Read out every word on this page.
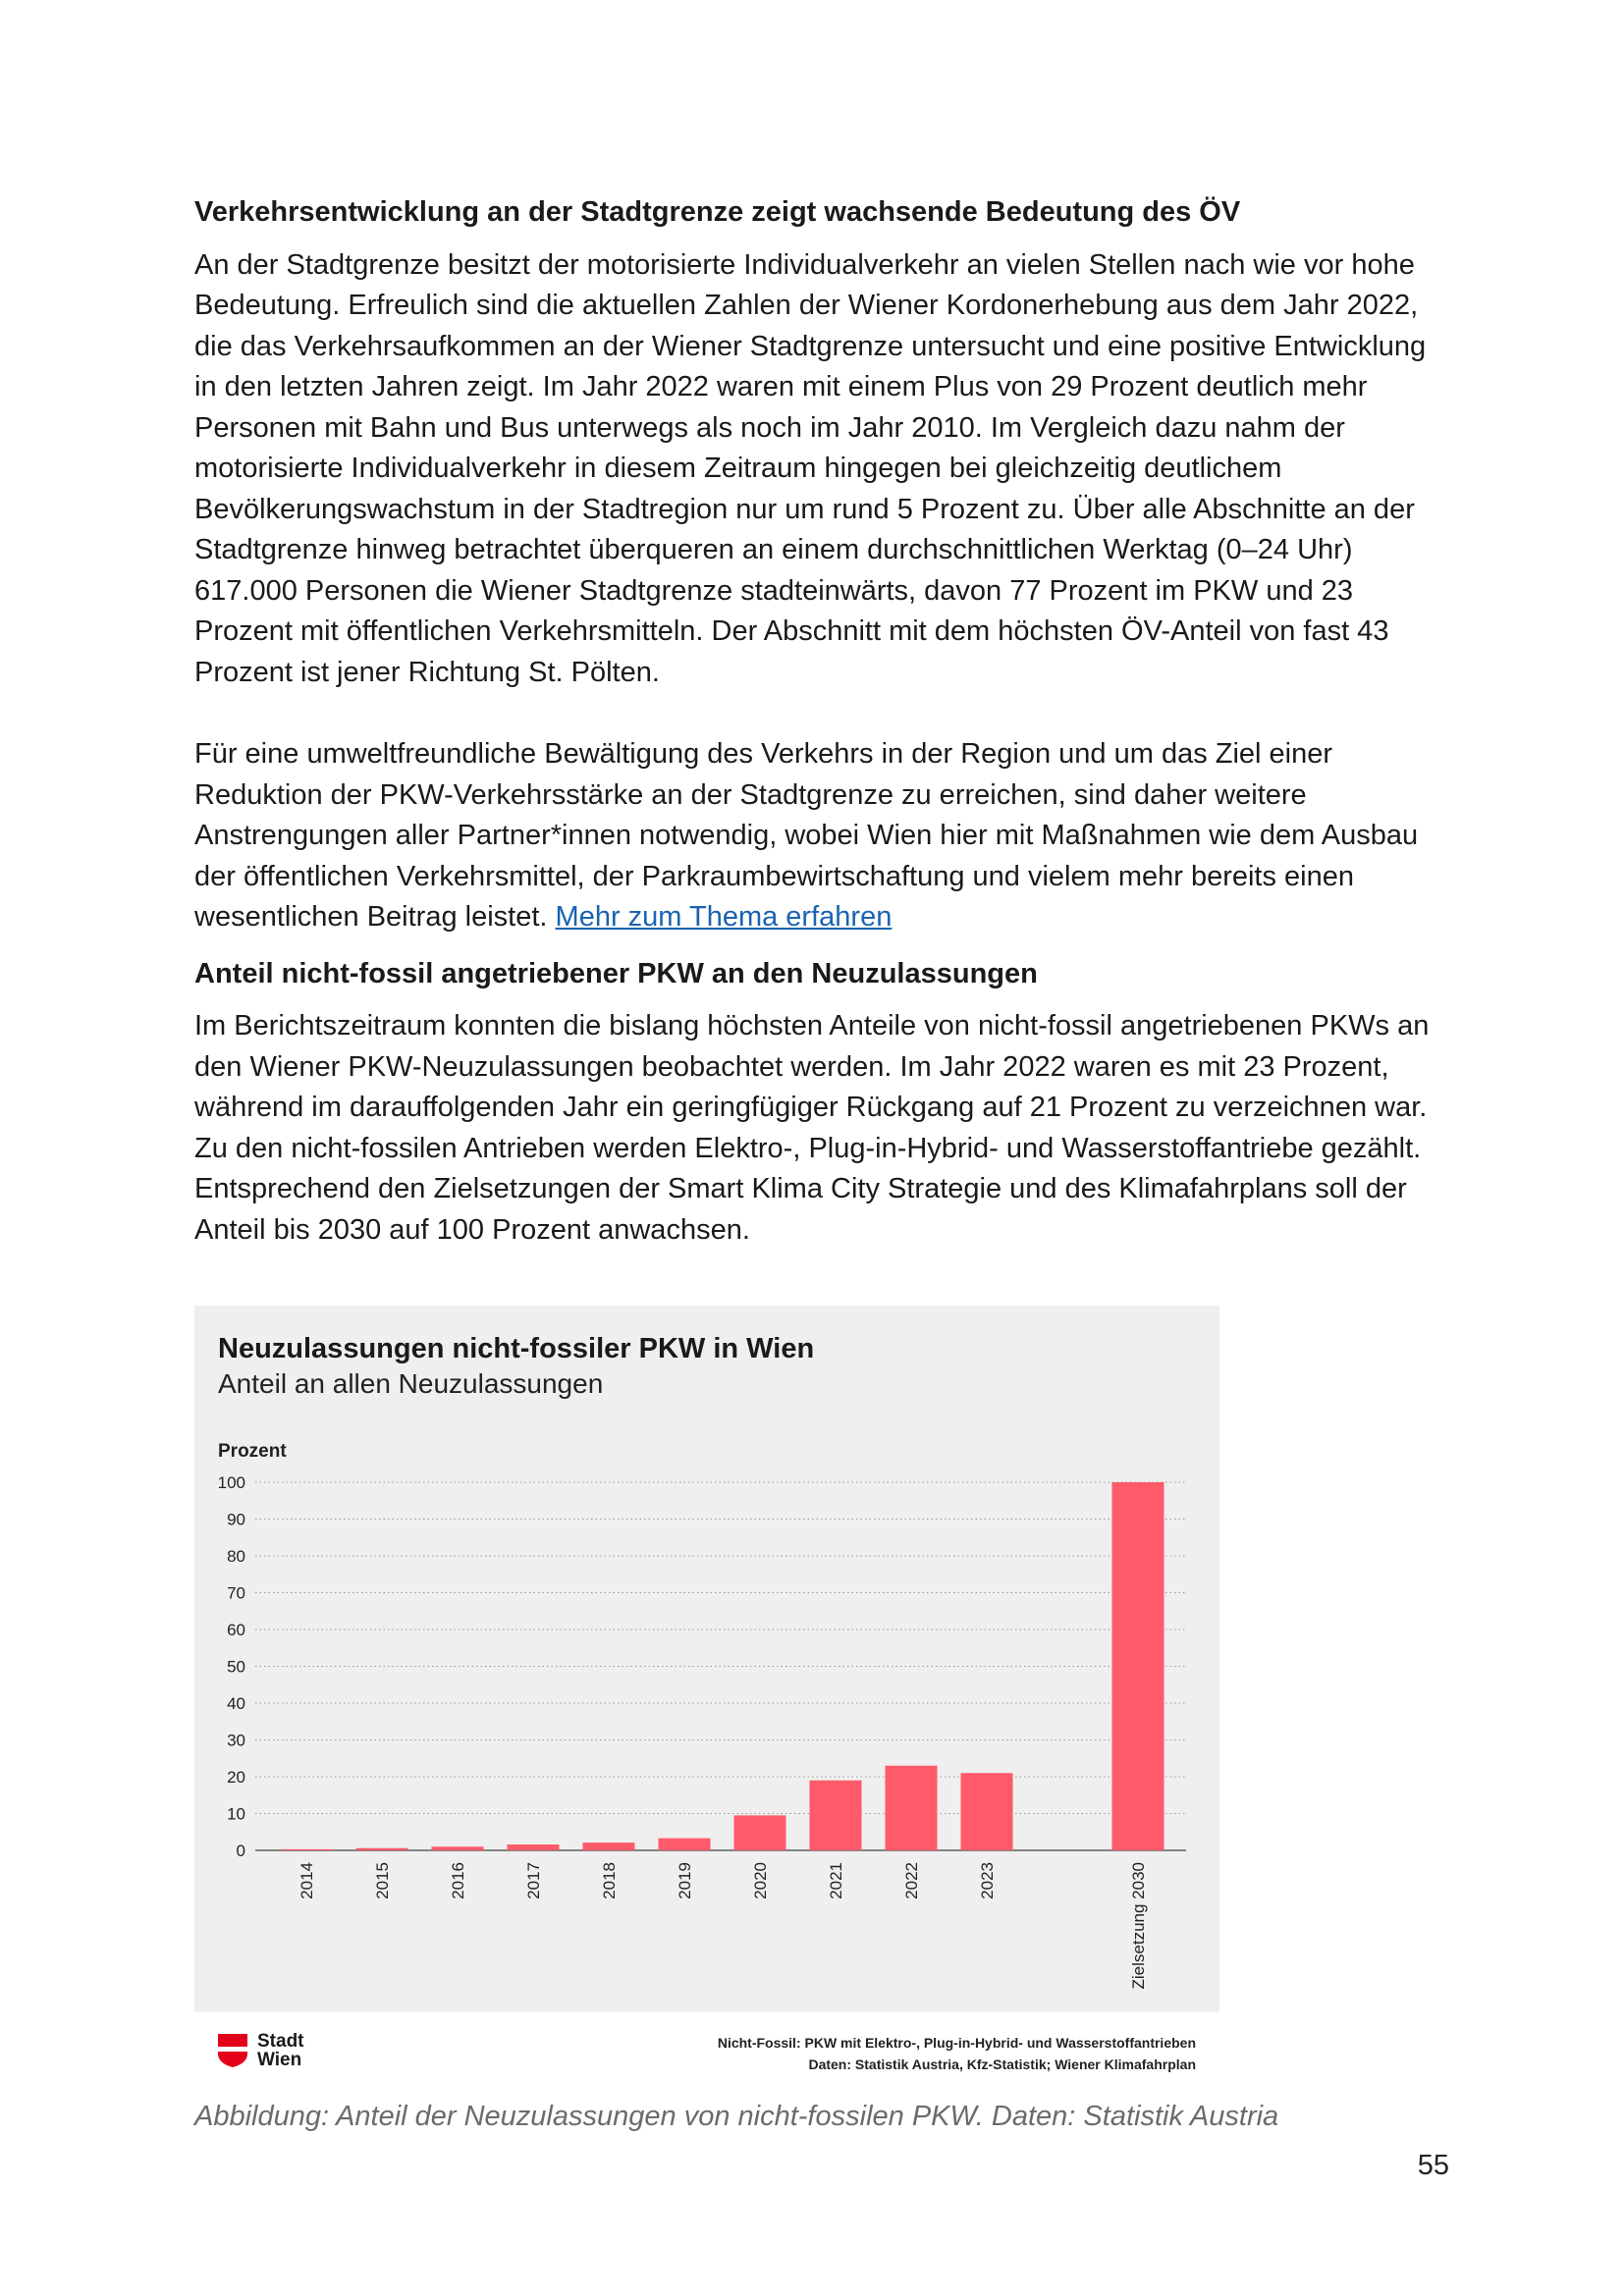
Verkehrsentwicklung an der Stadtgrenze zeigt wachsende Bedeutung des ÖV

An der Stadtgrenze besitzt der motorisierte Individualverkehr an vielen Stellen nach wie vor hohe Bedeutung. Erfreulich sind die aktuellen Zahlen der Wiener Kordonerhebung aus dem Jahr 2022, die das Verkehrsaufkommen an der Wiener Stadtgrenze untersucht und eine positive Entwicklung in den letzten Jahren zeigt. Im Jahr 2022 waren mit einem Plus von 29 Prozent deutlich mehr Personen mit Bahn und Bus unterwegs als noch im Jahr 2010. Im Vergleich dazu nahm der motorisierte Individualverkehr in diesem Zeitraum hingegen bei gleichzeitig deutlichem Bevölkerungswachstum in der Stadtregion nur um rund 5 Prozent zu. Über alle Abschnitte an der Stadtgrenze hinweg betrachtet überqueren an einem durchschnittlichen Werktag (0–24 Uhr) 617.000 Personen die Wiener Stadtgrenze stadteinwärts, davon 77 Prozent im PKW und 23 Prozent mit öffentlichen Verkehrsmitteln. Der Abschnitt mit dem höchsten ÖV-Anteil von fast 43 Prozent ist jener Richtung St. Pölten.

Für eine umweltfreundliche Bewältigung des Verkehrs in der Region und um das Ziel einer Reduktion der PKW-Verkehrsstärke an der Stadtgrenze zu erreichen, sind daher weitere Anstrengungen aller Partner*innen notwendig, wobei Wien hier mit Maßnahmen wie dem Ausbau der öffentlichen Verkehrsmittel, der Parkraumbewirtschaftung und vielem mehr bereits einen wesentlichen Beitrag leistet. Mehr zum Thema erfahren

Anteil nicht-fossil angetriebener PKW an den Neuzulassungen

Im Berichtszeitraum konnten die bislang höchsten Anteile von nicht-fossil angetriebenen PKWs an den Wiener PKW-Neuzulassungen beobachtet werden. Im Jahr 2022 waren es mit 23 Prozent, während im darauffolgenden Jahr ein geringfügiger Rückgang auf 21 Prozent zu verzeichnen war. Zu den nicht-fossilen Antrieben werden Elektro-, Plug-in-Hybrid- und Wasserstoffantriebe gezählt. Entsprechend den Zielsetzungen der Smart Klima City Strategie und des Klimafahrplans soll der Anteil bis 2030 auf 100 Prozent anwachsen.

0
10
20
30
40
50
60
70
80
90
100
2014	2015	2016	2017	2018	2019	2020	2021	2022	2023	Zielsetzung 2030
Neuzulassungen nicht-fossiler PKW in Wien
Anteil an allen Neuzulassungen
Prozent
Stadt
Wien
Nicht-Fossil: PKW mit Elektro-, Plug-in-Hybrid- und Wasserstoffantrieben
Daten: Statistik Austria, Kfz-Statistik; Wiener Klimafahrplan
Abbildung: Anteil der Neuzulassungen von nicht-fossilen PKW. Daten: Statistik Austria
55
